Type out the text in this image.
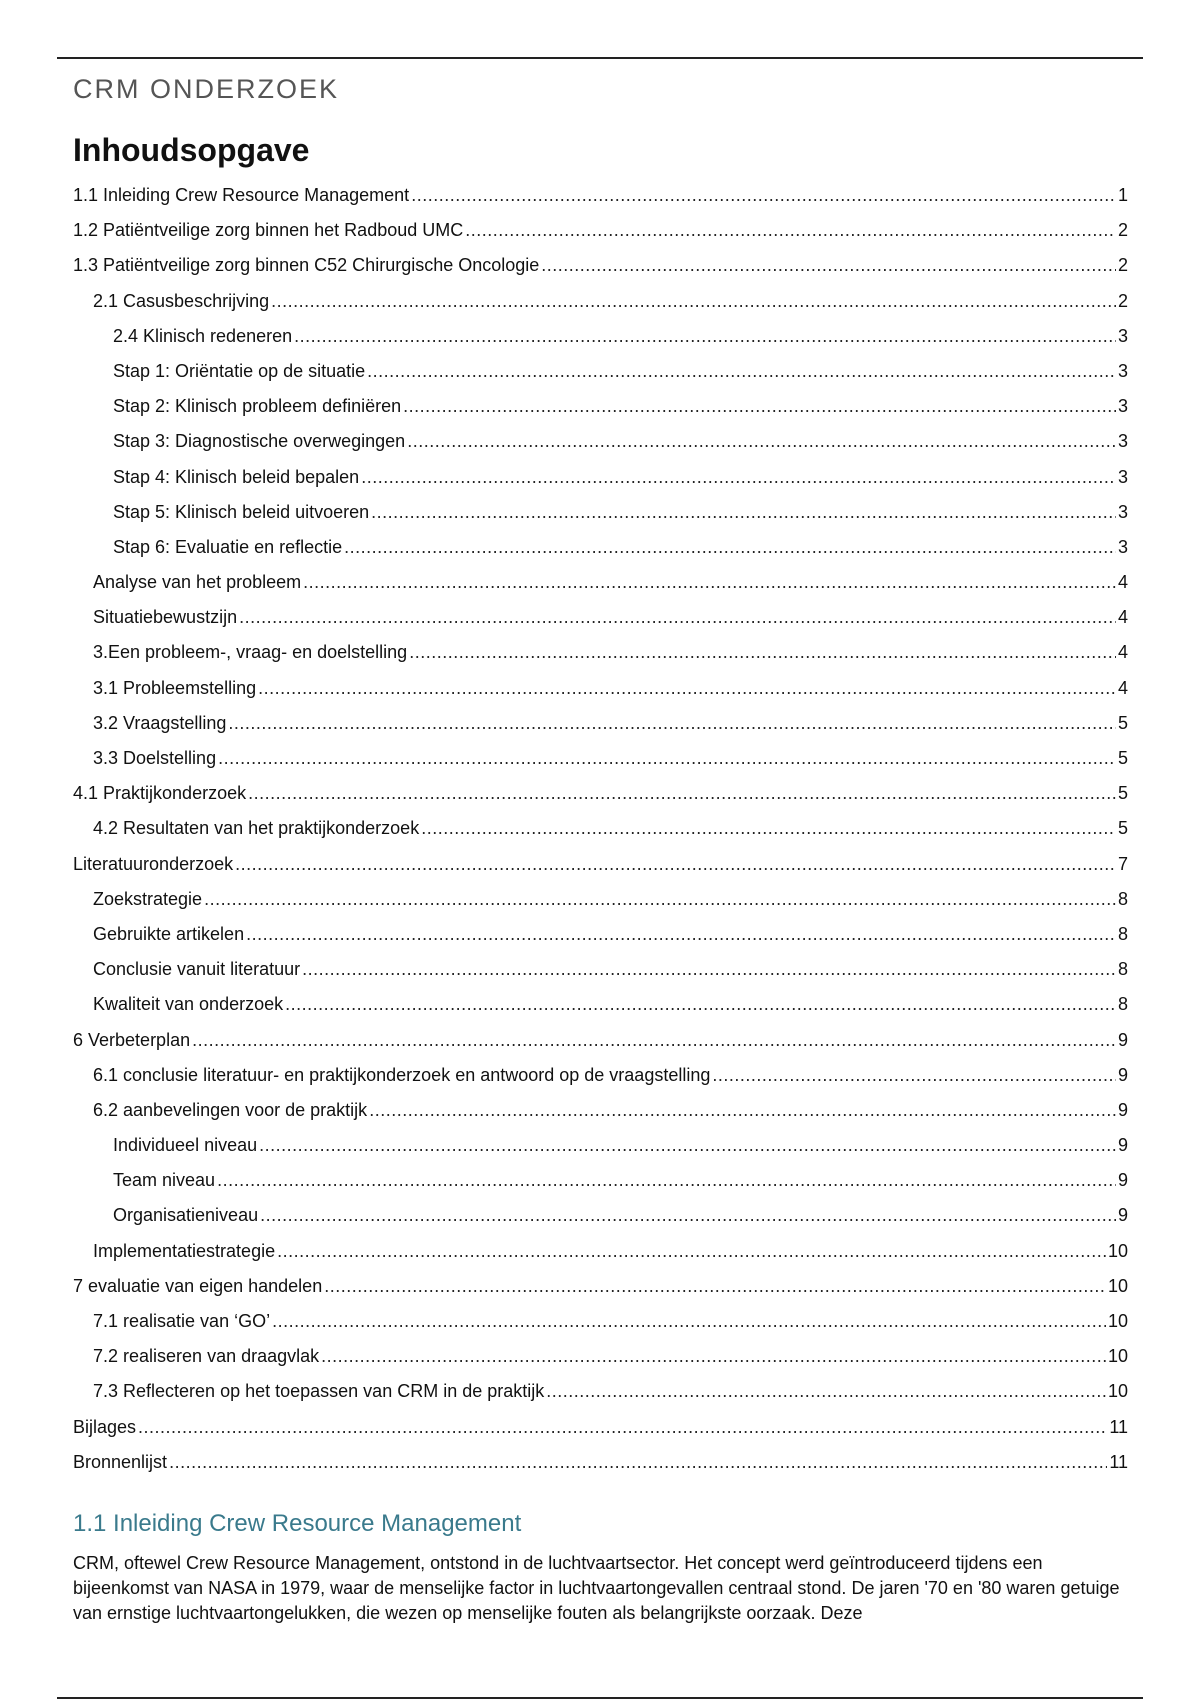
CRM ONDERZOEK
Inhoudsopgave
1.1 Inleiding Crew Resource Management .....	1
1.2 Patiëntveilige zorg binnen het Radboud UMC .....	2
1.3 Patiëntveilige zorg binnen C52 Chirurgische Oncologie .....	2
2.1 Casusbeschrijving .....	2
2.4 Klinisch redeneren .....	3
Stap 1: Oriëntatie op de situatie .....	3
Stap 2: Klinisch probleem definiëren .....	3
Stap 3: Diagnostische overwegingen .....	3
Stap 4: Klinisch beleid bepalen .....	3
Stap 5: Klinisch beleid uitvoeren .....	3
Stap 6: Evaluatie en reflectie .....	3
Analyse van het probleem .....	4
Situatiebewustzijn .....	4
3.Een probleem-, vraag- en doelstelling .....	4
3.1 Probleemstelling .....	4
3.2 Vraagstelling .....	5
3.3 Doelstelling .....	5
4.1 Praktijkonderzoek .....	5
4.2 Resultaten van het praktijkonderzoek .....	5
Literatuuronderzoek .....	7
Zoekstrategie .....	8
Gebruikte artikelen .....	8
Conclusie vanuit literatuur .....	8
Kwaliteit van onderzoek .....	8
6 Verbeterplan .....	9
6.1 conclusie literatuur- en praktijkonderzoek en antwoord op de vraagstelling .....	9
6.2 aanbevelingen voor de praktijk .....	9
Individueel niveau .....	9
Team niveau .....	9
Organisatieniveau .....	9
Implementatiestrategie .....	10
7 evaluatie van eigen handelen .....	10
7.1 realisatie van ‘GO’ .....	10
7.2 realiseren van draagvlak .....	10
7.3 Reflecteren op het toepassen van CRM in de praktijk .....	10
Bijlages .....	11
Bronnenlijst .....	11
1.1 Inleiding Crew Resource Management

CRM, oftewel Crew Resource Management, ontstond in de luchtvaartsector. Het concept werd geïntroduceerd tijdens een bijeenkomst van NASA in 1979, waar de menselijke factor in luchtvaartongevallen centraal stond. De jaren '70 en '80 waren getuige van ernstige luchtvaartongelukken, die wezen op menselijke fouten als belangrijkste oorzaak. Deze
